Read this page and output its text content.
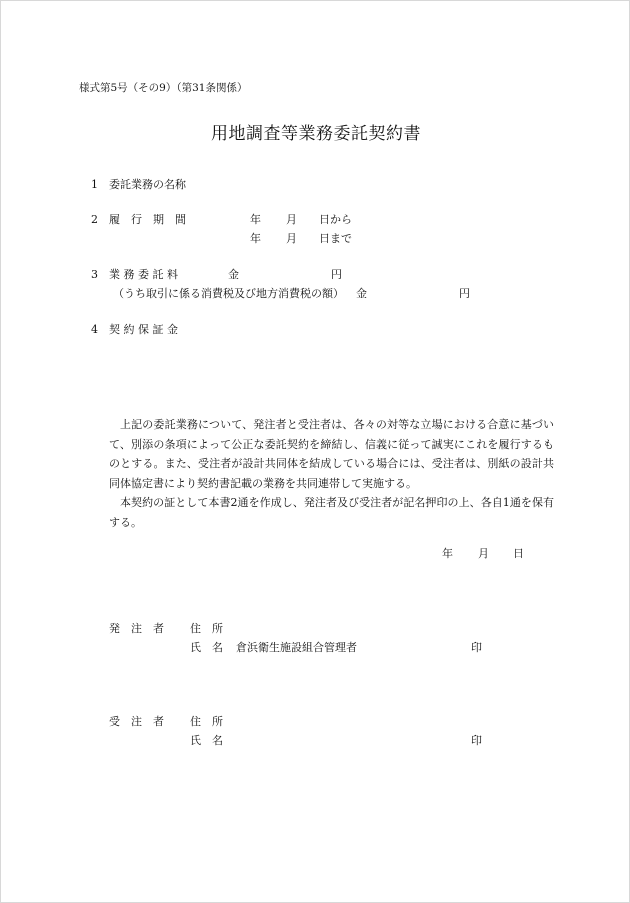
様式第5号（その9）（第31条関係）
用地調査等業務委託契約書
1 委託業務の名称
2 履　行　期　間	年 月 日から
年 月 日まで
3 業 務 委 託 料	金	円
（うち取引に係る消費税及び地方消費税の額） 金	円
4 契 約 保 証 金

上記の委託業務について、発注者と受注者は、各々の対等な立場における合意に基づいて、別添の条項によって公正な委託契約を締結し、信義に従って誠実にこれを履行するものとする。また、受注者が設計共同体を結成している場合には、受注者は、別紙の設計共同体協定書により契約書記載の業務を共同連帯して実施する。

本契約の証として本書2通を作成し、発注者及び受注者が記名押印の上、各自1通を保有する。

年 月 日
発　注　者 住　所
氏　名 倉浜衛生施設組合管理者	印
受　注　者 住　所
氏　名	印
